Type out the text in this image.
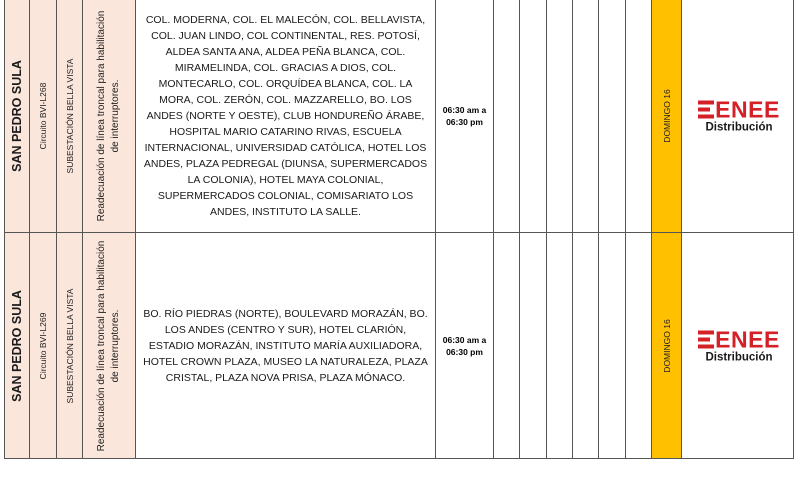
SAN PEDRO SULA Circuito BVI-L268 SUBESTACIÓN BELLA VISTA Readecuación de línea troncal para habilitación de interruptores.
COL. MODERNA, COL. EL MALECÓN, COL. BELLAVISTA, COL. JUAN LINDO, COL CONTINENTAL, RES. POTOSÍ, ALDEA SANTA ANA, ALDEA PEÑA BLANCA, COL. MIRAMELINDA, COL. GRACIAS A DIOS, COL. MONTECARLO, COL. ORQUÍDEA BLANCA, COL. LA MORA, COL. ZERÓN, COL. MAZZARELLO, BO. LOS ANDES (NORTE Y OESTE), CLUB HONDUREÑO ÁRABE, HOSPITAL MARIO CATARINO RIVAS, ESCUELA INTERNACIONAL, UNIVERSIDAD CATÓLICA, HOTEL LOS ANDES, PLAZA PEDREGAL (DIUNSA, SUPERMERCADOS LA COLONIA), HOTEL MAYA COLONIAL, SUPERMERCADOS COLONIAL, COMISARIATO LOS ANDES, INSTITUTO LA SALLE.
06:30 am a
06:30 pm	DOMINGO 16 ENEE
Distribución
SAN PEDRO SULA Circuito BVI-L269 SUBESTACIÓN BELLA VISTA Readecuación de línea troncal para habilitación de interruptores. BO. RÍO PIEDRAS (NORTE), BOULEVARD MORAZÁN, BO. LOS ANDES (CENTRO Y SUR), HOTEL CLARIÓN, ESTADIO MORAZÁN, INSTITUTO MARÍA AUXILIADORA, HOTEL CROWN PLAZA, MUSEO LA NATURALEZA, PLAZA CRISTAL, PLAZA NOVA PRISA, PLAZA MÓNACO.
06:30 am a
06:30 pm	DOMINGO 16 ENEE
Distribución
